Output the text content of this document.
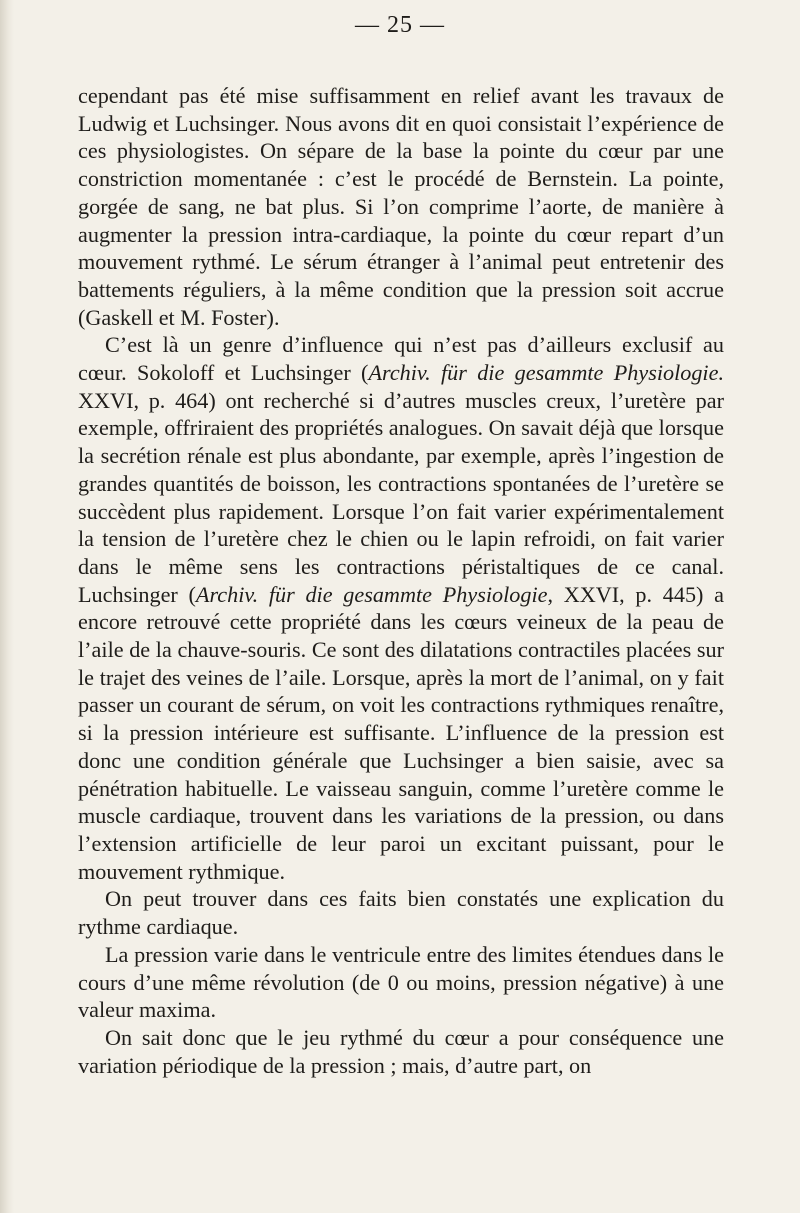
— 25 —

cependant pas été mise suffisamment en relief avant les travaux de Ludwig et Luchsinger. Nous avons dit en quoi consistait l’expérience de ces physiologistes. On sépare de la base la pointe du cœur par une constriction momentanée : c’est le procédé de Bernstein. La pointe, gorgée de sang, ne bat plus. Si l’on comprime l’aorte, de manière à augmenter la pression intra-cardiaque, la pointe du cœur repart d’un mouvement rythmé. Le sérum étranger à l’animal peut entretenir des battements réguliers, à la même condition que la pression soit accrue (Gaskell et M. Foster).

C’est là un genre d’influence qui n’est pas d’ailleurs exclusif au cœur. Sokoloff et Luchsinger (Archiv. für die gesammte Physiologie. XXVI, p. 464) ont recherché si d’autres muscles creux, l’uretère par exemple, offriraient des propriétés analogues. On savait déjà que lorsque la secrétion rénale est plus abondante, par exemple, après l’ingestion de grandes quantités de boisson, les contractions spontanées de l’uretère se succèdent plus rapidement. Lorsque l’on fait varier expérimentalement la tension de l’uretère chez le chien ou le lapin refroidi, on fait varier dans le même sens les contractions péristaltiques de ce canal. Luchsinger (Archiv. für die gesammte Physiologie, XXVI, p. 445) a encore retrouvé cette propriété dans les cœurs veineux de la peau de l’aile de la chauve-souris. Ce sont des dilatations contractiles placées sur le trajet des veines de l’aile. Lorsque, après la mort de l’animal, on y fait passer un courant de sérum, on voit les contractions rythmiques renaître, si la pression intérieure est suffisante. L’influence de la pression est donc une condition générale que Luchsinger a bien saisie, avec sa pénétration habituelle. Le vaisseau sanguin, comme l’uretère comme le muscle cardiaque, trouvent dans les variations de la pression, ou dans l’extension artificielle de leur paroi un excitant puissant, pour le mouvement rythmique.

On peut trouver dans ces faits bien constatés une explication du rythme cardiaque.

La pression varie dans le ventricule entre des limites étendues dans le cours d’une même révolution (de 0 ou moins, pression négative) à une valeur maxima.

On sait donc que le jeu rythmé du cœur a pour conséquence une variation périodique de la pression ; mais, d’autre part, on
